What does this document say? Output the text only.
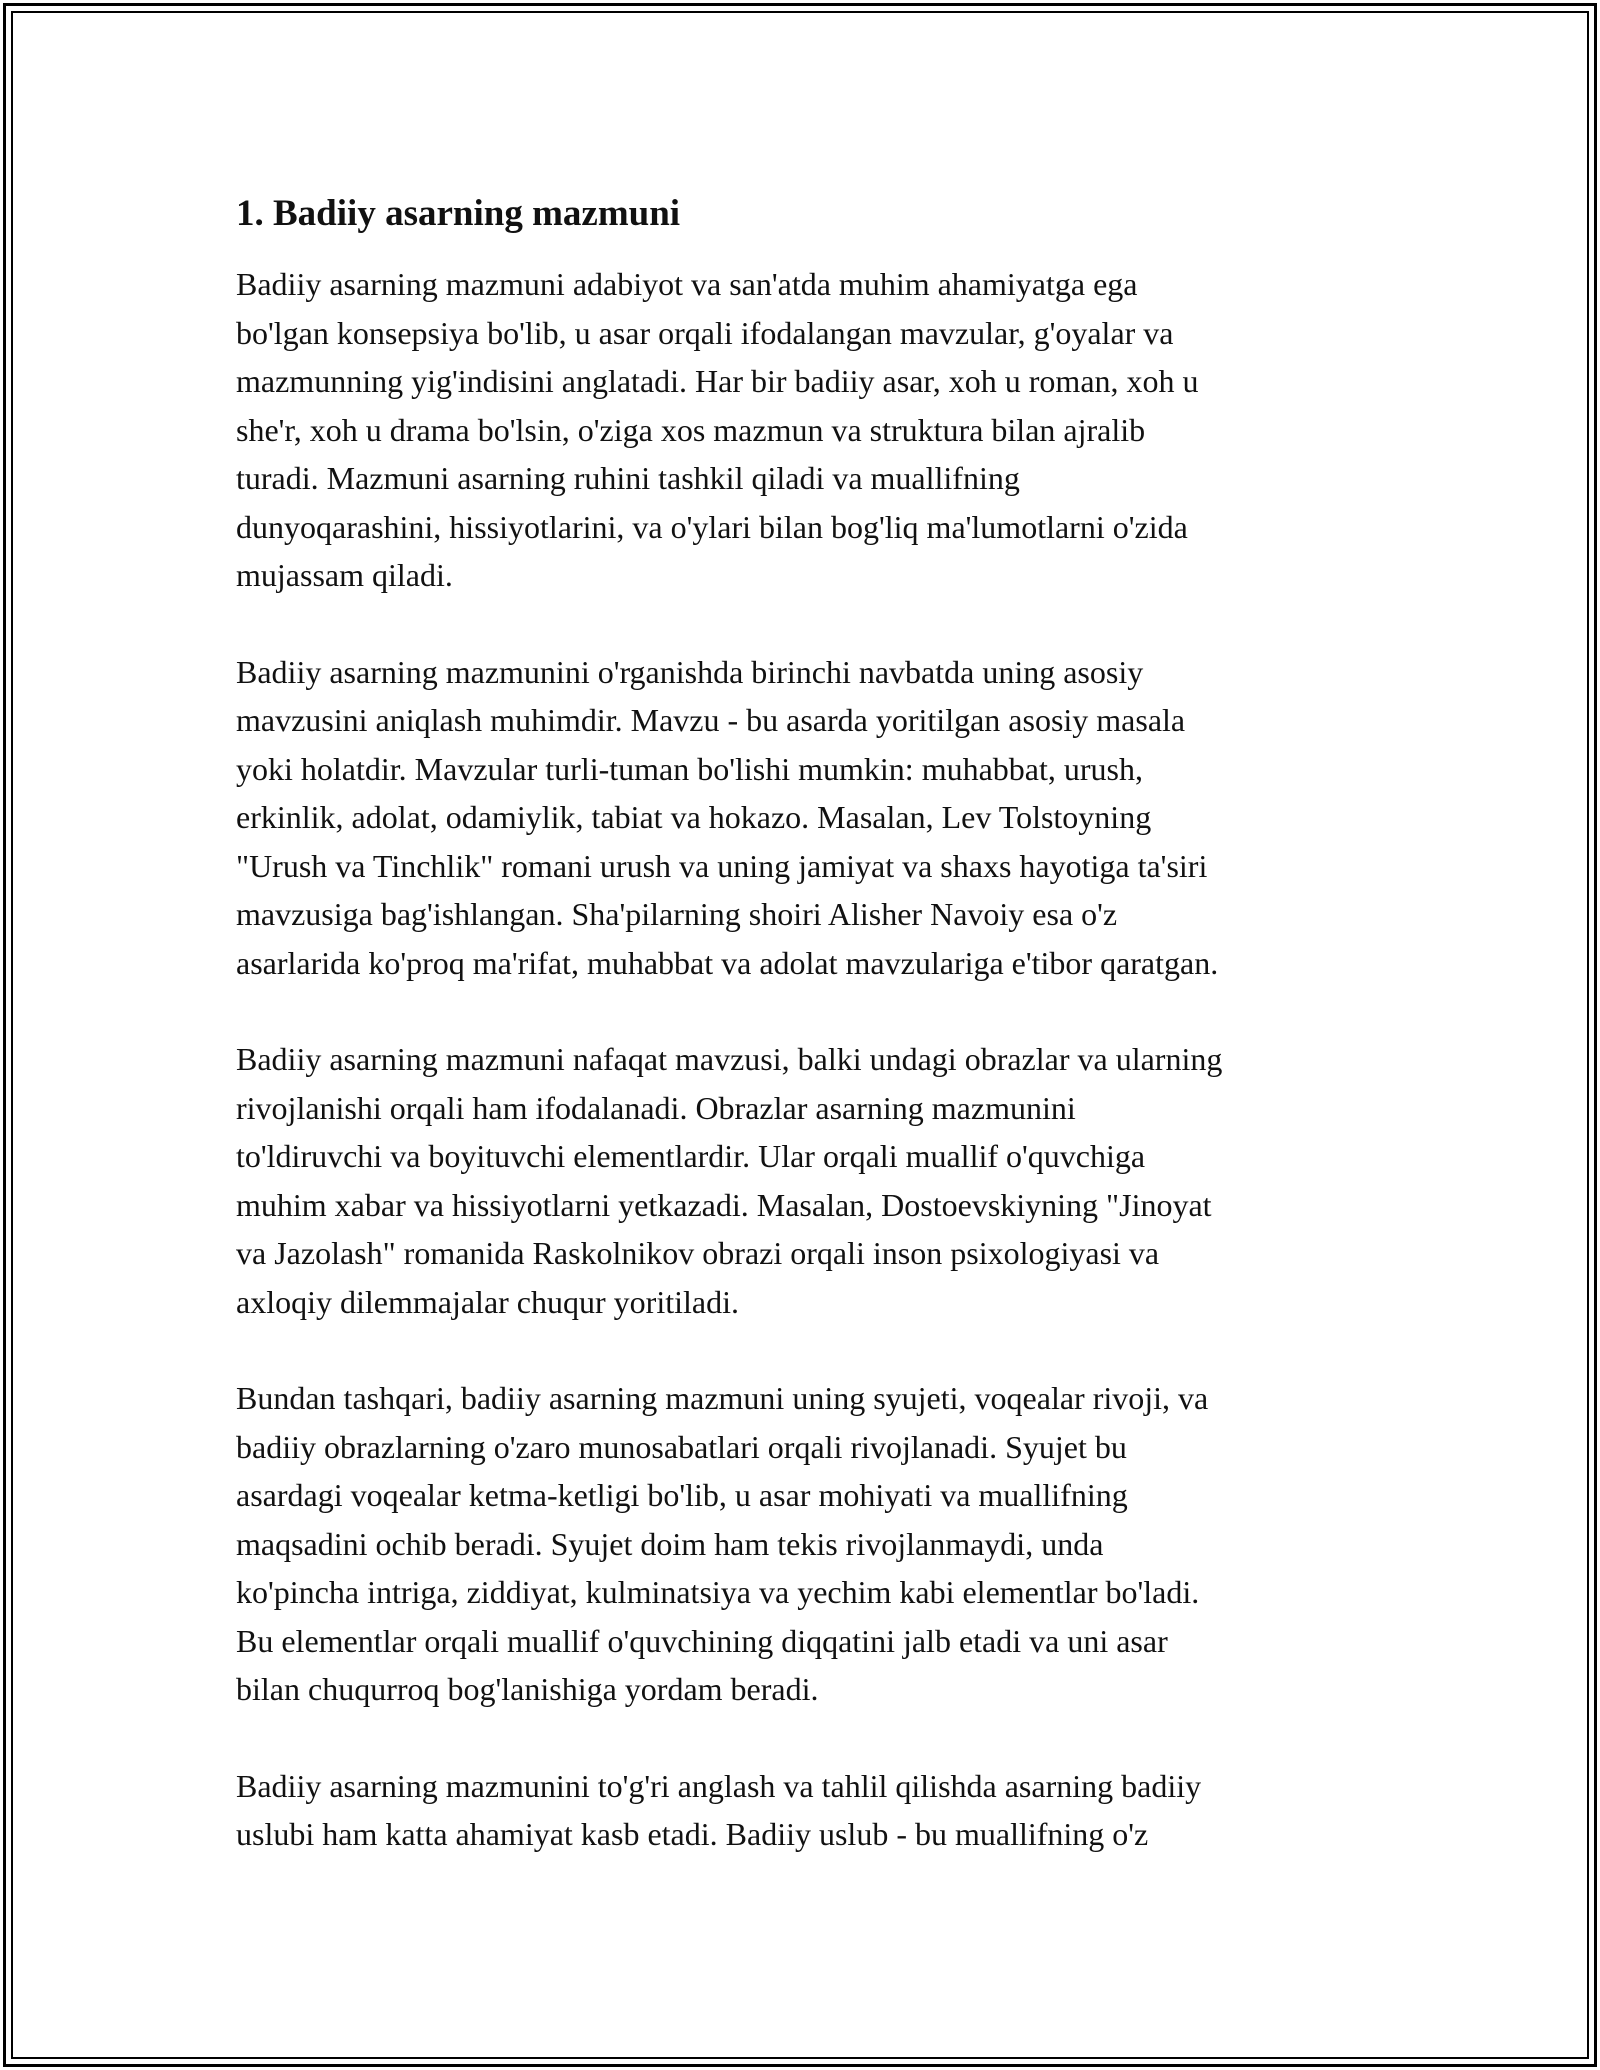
1. Badiiy asarning mazmuni

Badiiy asarning mazmuni adabiyot va san'atda muhim ahamiyatga ega
bo'lgan konsepsiya bo'lib, u asar orqali ifodalangan mavzular, g'oyalar va
mazmunning yig'indisini anglatadi. Har bir badiiy asar, xoh u roman, xoh u
she'r, xoh u drama bo'lsin, o'ziga xos mazmun va struktura bilan ajralib
turadi. Mazmuni asarning ruhini tashkil qiladi va muallifning
dunyoqarashini, hissiyotlarini, va o'ylari bilan bog'liq ma'lumotlarni o'zida
mujassam qiladi.

Badiiy asarning mazmunini o'rganishda birinchi navbatda uning asosiy
mavzusini aniqlash muhimdir. Mavzu - bu asarda yoritilgan asosiy masala
yoki holatdir. Mavzular turli-tuman bo'lishi mumkin: muhabbat, urush,
erkinlik, adolat, odamiylik, tabiat va hokazo. Masalan, Lev Tolstoyning
"Urush va Tinchlik" romani urush va uning jamiyat va shaxs hayotiga ta'siri
mavzusiga bag'ishlangan. Sha'pilarning shoiri Alisher Navoiy esa o'z
asarlarida ko'proq ma'rifat, muhabbat va adolat mavzulariga e'tibor qaratgan.

Badiiy asarning mazmuni nafaqat mavzusi, balki undagi obrazlar va ularning
rivojlanishi orqali ham ifodalanadi. Obrazlar asarning mazmunini
to'ldiruvchi va boyituvchi elementlardir. Ular orqali muallif o'quvchiga
muhim xabar va hissiyotlarni yetkazadi. Masalan, Dostoevskiyning "Jinoyat
va Jazolash" romanida Raskolnikov obrazi orqali inson psixologiyasi va
axloqiy dilemmajalar chuqur yoritiladi.

Bundan tashqari, badiiy asarning mazmuni uning syujeti, voqealar rivoji, va
badiiy obrazlarning o'zaro munosabatlari orqali rivojlanadi. Syujet bu
asardagi voqealar ketma-ketligi bo'lib, u asar mohiyati va muallifning
maqsadini ochib beradi. Syujet doim ham tekis rivojlanmaydi, unda
ko'pincha intriga, ziddiyat, kulminatsiya va yechim kabi elementlar bo'ladi.
Bu elementlar orqali muallif o'quvchining diqqatini jalb etadi va uni asar
bilan chuqurroq bog'lanishiga yordam beradi.

Badiiy asarning mazmunini to'g'ri anglash va tahlil qilishda asarning badiiy
uslubi ham katta ahamiyat kasb etadi. Badiiy uslub - bu muallifning o'z
